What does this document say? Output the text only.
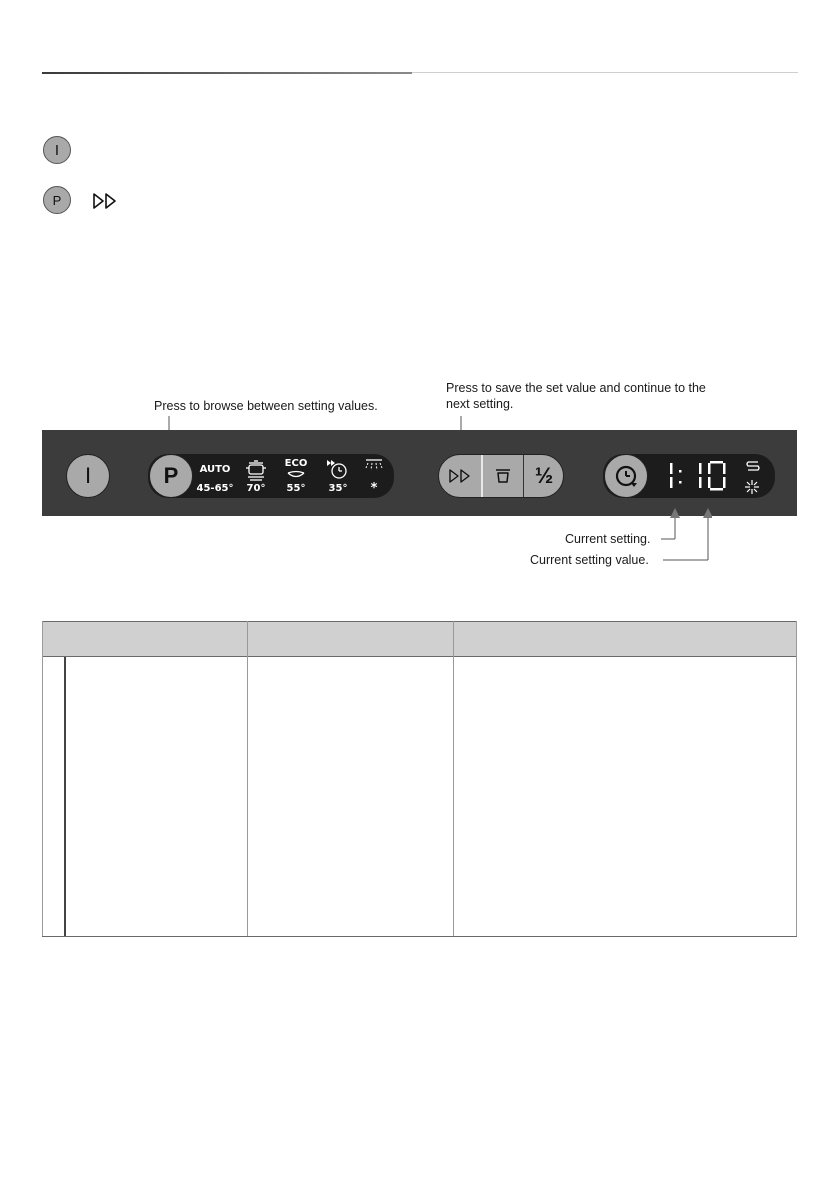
I
P
Press to browse between setting values.
Press to save the set value and continue to the
next setting.
I	P	AUTO
45-65°	70°
ECO
55°	35°	*
½
Current setting.
Current setting value.
